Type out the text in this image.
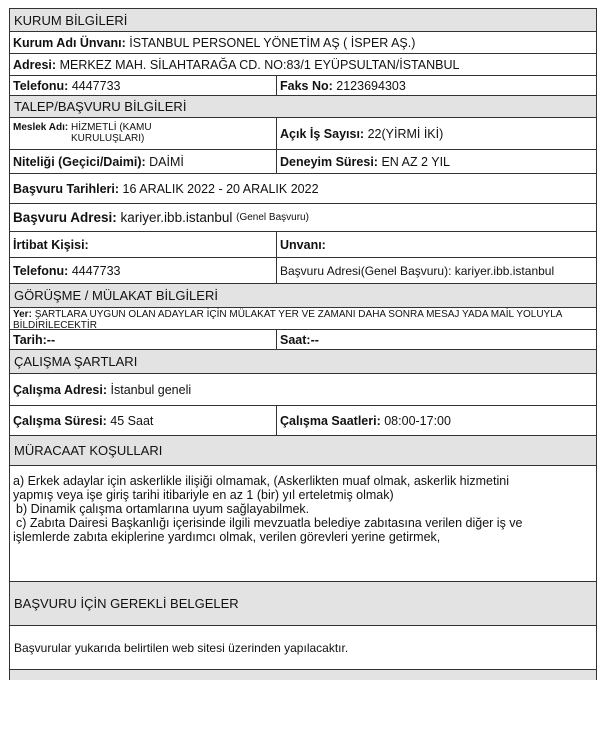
KURUM BİLGİLERİ
Kurum Adı Ünvanı:
İSTANBUL PERSONEL YÖNETİM AŞ ( İSPER AŞ.)
Adresi:
MERKEZ MAH. SİLAHTARAĞA CD. NO:83/1 EYÜPSULTAN/İSTANBUL
Telefonu:
4447733	Faks No:
2123694303
TALEP/BAŞVURU BİLGİLERİ
Meslek Adı: HİZMETLİ (KAMU KURULUŞLARI)	Açık İş Sayısı:
22(YİRMİ İKİ)
Niteliği (Geçici/Daimi):
DAİMİ	Deneyim Süresi:
EN AZ 2 YIL
Başvuru Tarihleri:
16 ARALIK 2022 - 20 ARALIK 2022
Başvuru Adresi:
kariyer.ibb.istanbul
(Genel Başvuru)
İrtibat Kişisi:	Unvanı:
Telefonu:
4447733	Başvuru Adresi(Genel Başvuru): kariyer.ibb.istanbul
GÖRÜŞME / MÜLAKAT BİLGİLERİ
Yer: ŞARTLARA UYGUN OLAN ADAYLAR İÇİN MÜLAKAT YER VE ZAMANI DAHA SONRA MESAJ YADA MAİL YOLUYLA BİLDİRİLECEKTİR
Tarih:--	Saat:--
ÇALIŞMA ŞARTLARI
Çalışma Adresi:
İstanbul geneli
Çalışma Süresi:
45 Saat	Çalışma Saatleri:
08:00-17:00
MÜRACAAT KOŞULLARI

a) Erkek adaylar için askerlikle ilişiği olmamak, (Askerlikten muaf olmak, askerlik hizmetini

yapmış veya işe giriş tarihi itibariyle en az 1 (bir) yıl erteletmiş olmak)

b) Dinamik çalışma ortamlarına uyum sağlayabilmek.

c) Zabıta Dairesi Başkanlığı içerisinde ilgili mevzuatla belediye zabıtasına verilen diğer iş ve

işlemlerde zabıta ekiplerine yardımcı olmak, verilen görevleri yerine getirmek,

BAŞVURU İÇİN GEREKLİ BELGELER
Başvurular yukarıda belirtilen web sitesi üzerinden yapılacaktır.
